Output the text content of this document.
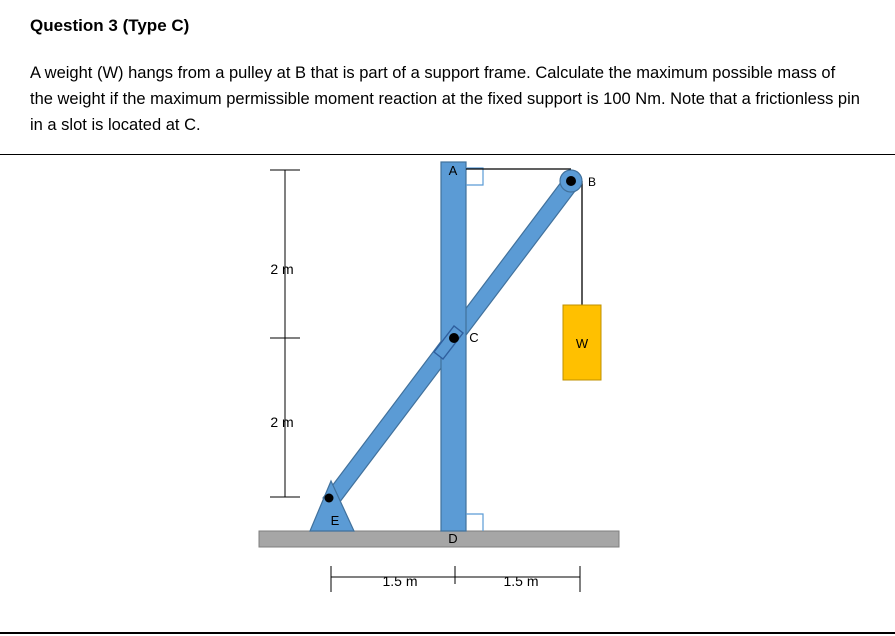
Question 3 (Type C)
A weight (W) hangs from a pulley at B that is part of a support frame. Calculate the maximum possible mass of the weight if the maximum permissible moment reaction at the fixed support is 100 Nm. Note that a frictionless pin in a slot is located at C.
W
A
B
C
D
E
2 m
2 m
1.5 m	1.5 m
